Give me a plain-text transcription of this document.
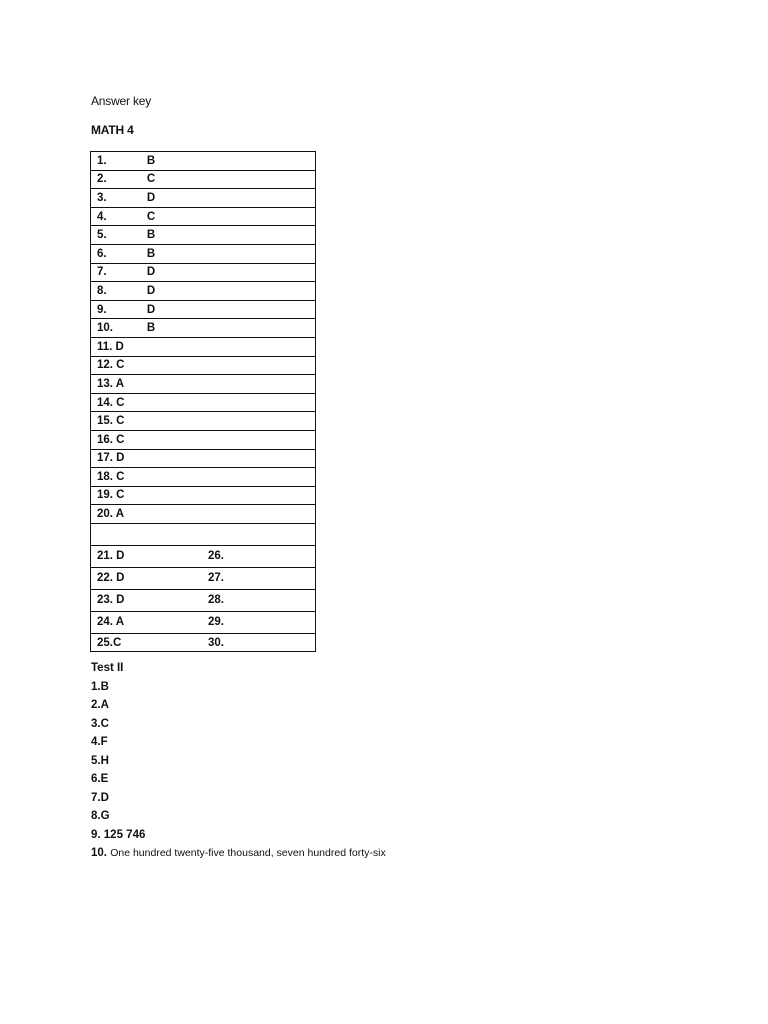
Answer key
MATH 4
1.	B
2.	C
3.	D
4.	C
5.	B
6.	B
7.	D
8.	D
9.	D
10.	B
11. D
12. C
13. A
14. C
15. C
16. C
17. D
18. C
19. C
20. A

21. D	26.
22. D	27.
23. D	28.
24. A	29.
25.C	30.
Test II
1.B
2.A
3.C
4.F
5.H
6.E
7.D
8.G
9. 125 746
10. One hundred twenty-five thousand, seven hundred forty-six
